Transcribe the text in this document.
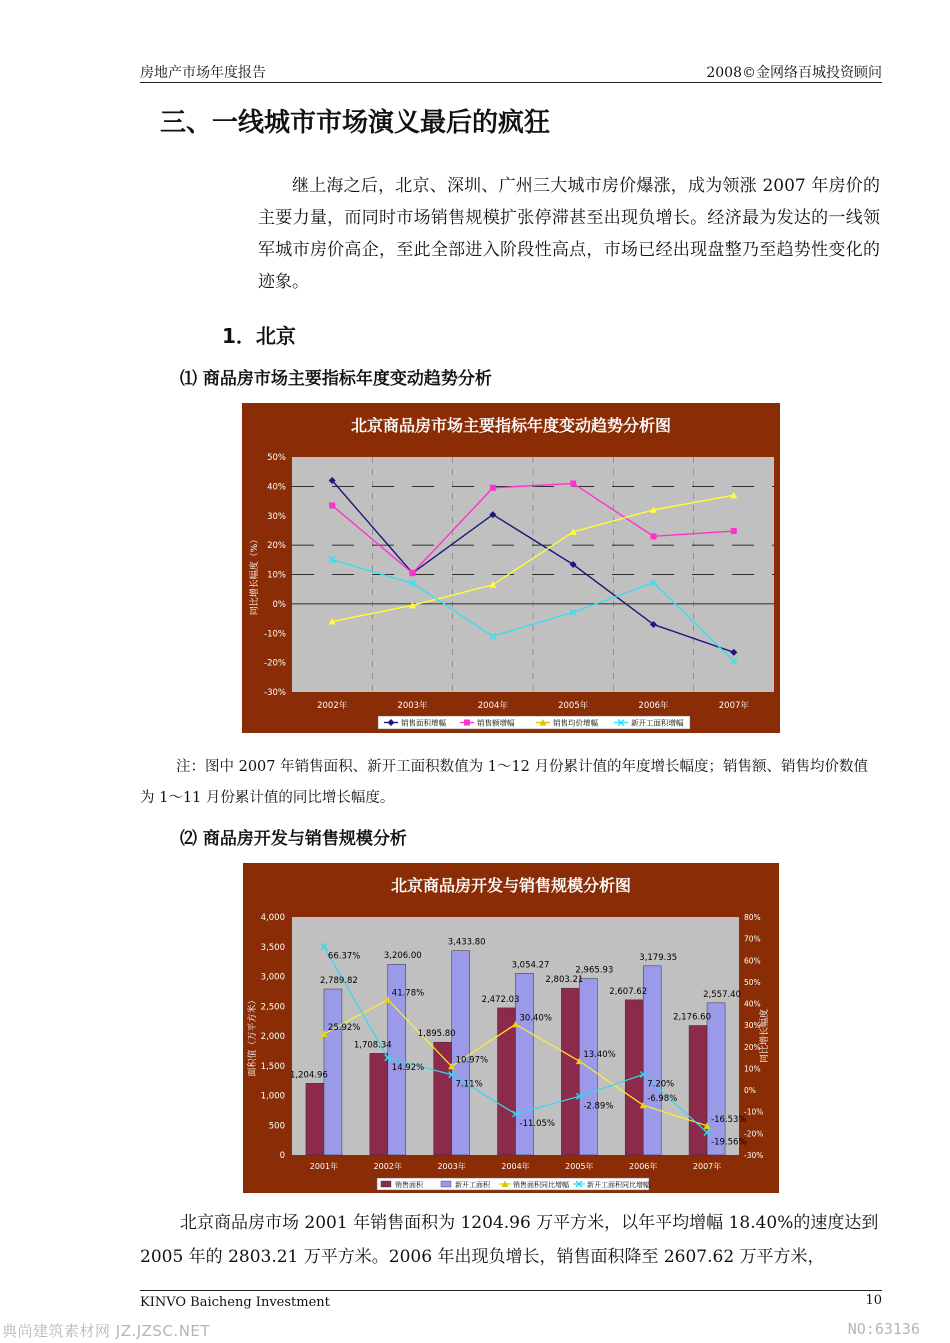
房地产市场年度报告	2008©金网络百城投资顾问
三、一线城市市场演义最后的疯狂

继上海之后，北京、深圳、广州三大城市房价爆涨，成为领涨 2007 年房价的主要力量，而同时市场销售规模扩张停滞甚至出现负增长。经济最为发达的一线领军城市房价高企，至此全部进入阶段性高点，市场已经出现盘整乃至趋势性变化的迹象。

1．北京
⑴ 商品房市场主要指标年度变动趋势分析
北京商品房市场主要指标年度变动趋势分析图
50%
40%
30%
20%
10%
0%
-10%
-20%
-30%
2002年	2003年	2004年	2005年	2006年	2007年
同比增长幅度（%）
销售面积增幅	销售额增幅	销售均价增幅	新开工面积增幅

注：图中 2007 年销售面积、新开工面积数值为 1～12 月份累计值的年度增长幅度；销售额、销售均价数值为 1～11 月份累计值的同比增长幅度。

⑵ 商品房开发与销售规模分析
北京商品房开发与销售规模分析图
4,000
3,500
3,000
2,500
2,000
1,500
1,000
500
0
80%
70%
60%
50%
40%
30%
20%
10%
0%
-10%
-20%
-30%
2001年	2002年	2003年	2004年	2005年	2006年	2007年
面积值（万平方米）	同比增长幅度
1,204.96
1,708.34
1,895.80
2,472.03
2,803.21
2,607.62
2,176.60
2,789.82
3,206.00
3,433.80
3,054.27
2,965.93
3,179.35
2,557.40
25.92%
41.78%
10.97%
30.40%
13.40%
-6.98%
-16.53%
66.37%
14.92%
7.11%
-11.05%
-2.89%
7.20%
-19.56%
销售面积	新开工面积	销售面积同比增幅	新开工面积同比增幅

北京商品房市场 2001 年销售面积为 1204.96 万平方米，以年平均增幅 18.40%的速度达到 2005 年的 2803.21 万平方米。2006 年出现负增长，销售面积降至 2607.62 万平方米，

KINVO Baicheng Investment	10
典尚建筑素材网 JZ.JZSC.NET	NO:63136
